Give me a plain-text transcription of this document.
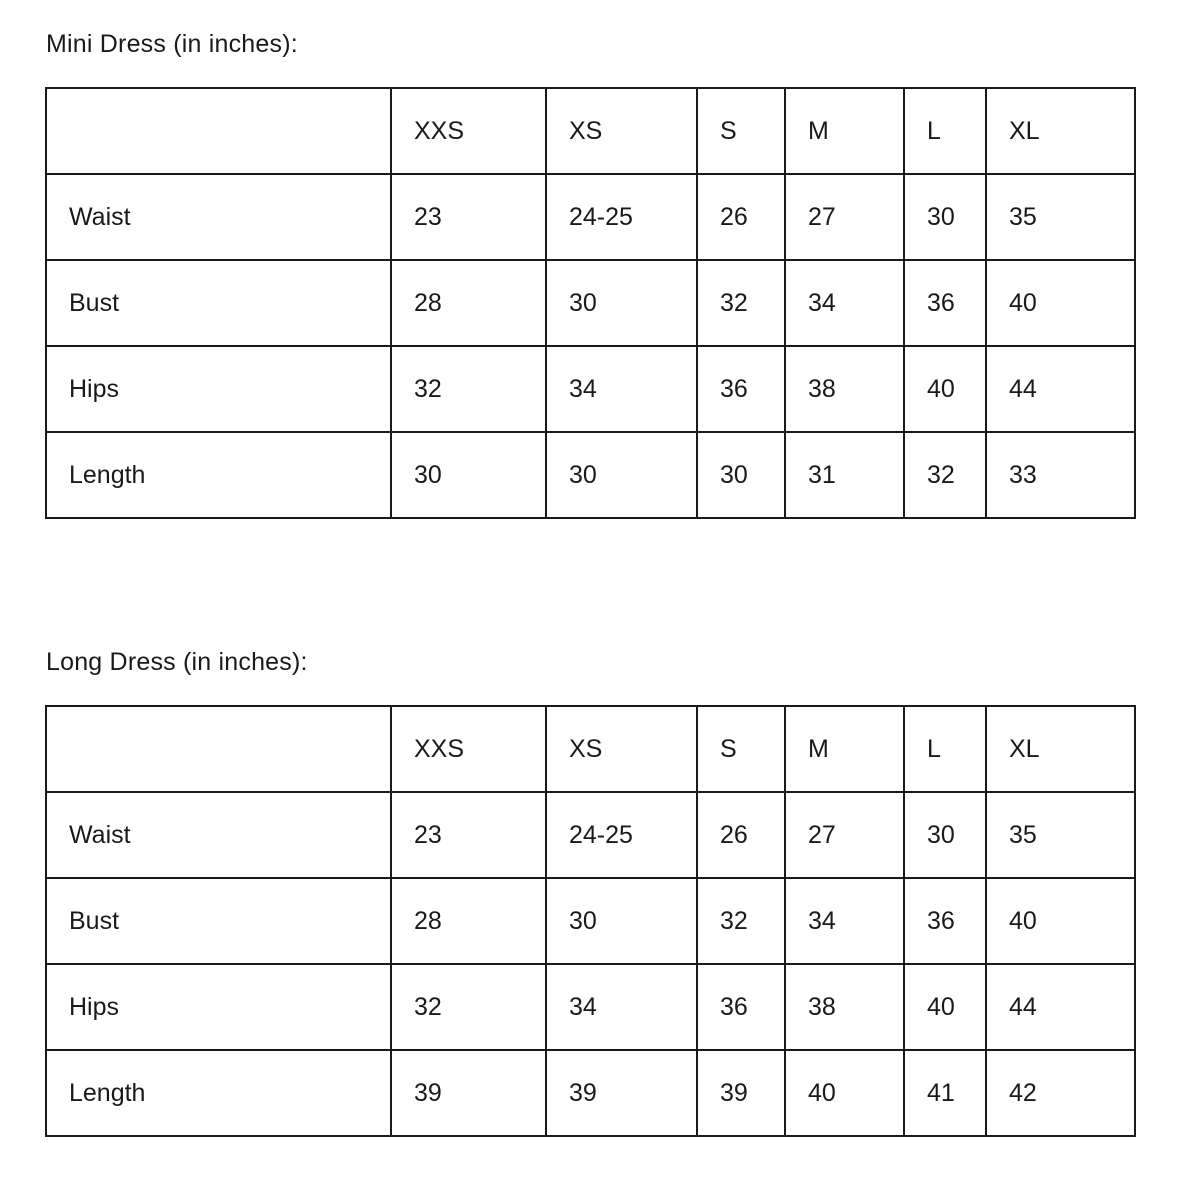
Mini Dress (in inches):
	XXS	XS	S	M	L	XL
Waist	23	24-25	26	27	30	35
Bust	28	30	32	34	36	40
Hips	32	34	36	38	40	44
Length	30	30	30	31	32	33
Long Dress (in inches):
	XXS	XS	S	M	L	XL
Waist	23	24-25	26	27	30	35
Bust	28	30	32	34	36	40
Hips	32	34	36	38	40	44
Length	39	39	39	40	41	42
